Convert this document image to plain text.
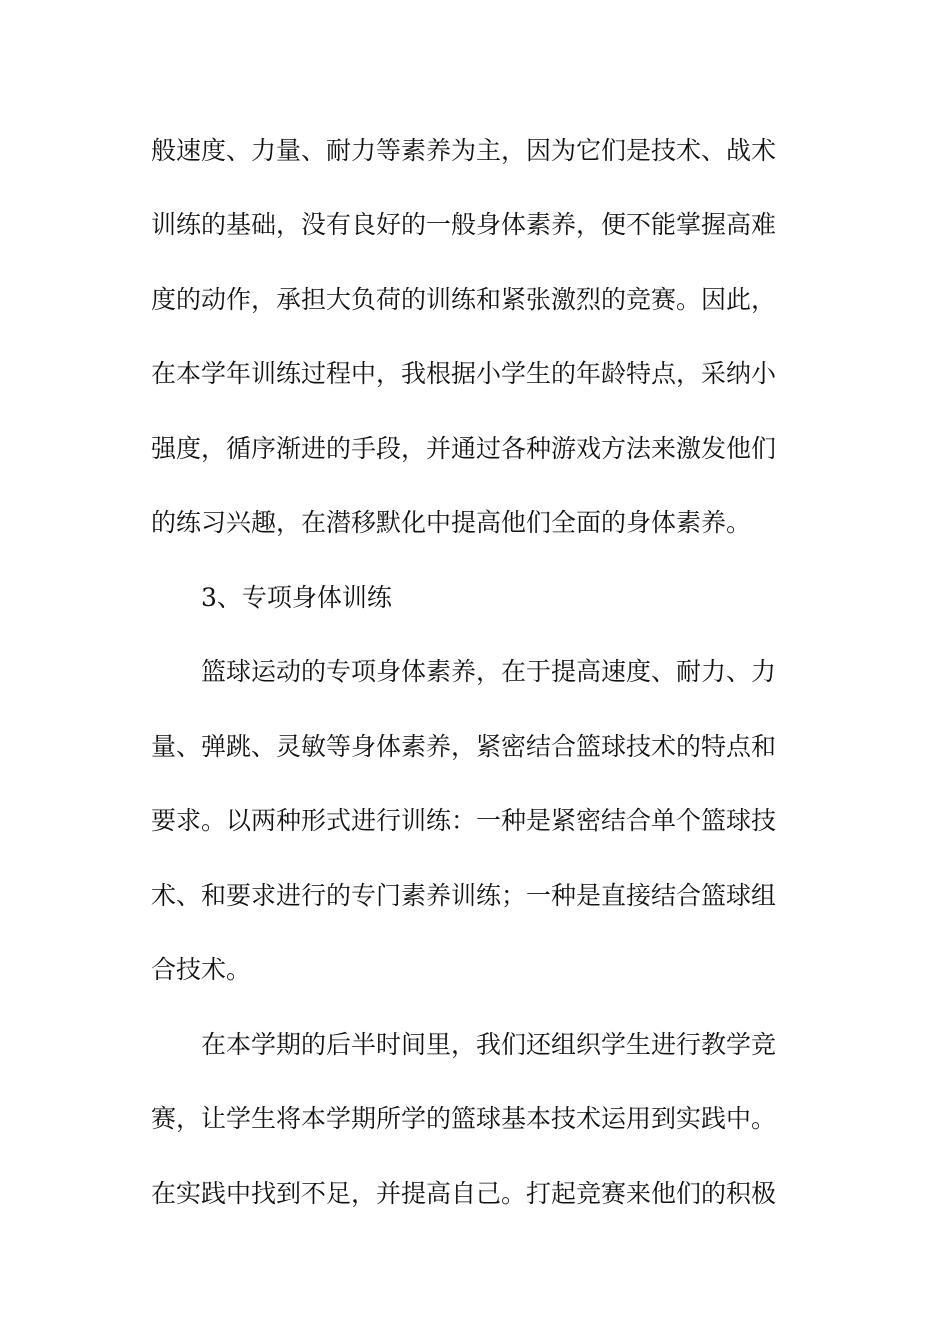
般速度、力量、耐力等素养为主，因为它们是技术、战术
训练的基础，没有良好的一般身体素养，便不能掌握高难
度的动作，承担大负荷的训练和紧张激烈的竞赛。因此，
在本学年训练过程中，我根据小学生的年龄特点，采纳小
强度，循序渐进的手段，并通过各种游戏方法来激发他们
的练习兴趣，在潜移默化中提高他们全面的身体素养。
3、专项身体训练
篮球运动的专项身体素养，在于提高速度、耐力、力
量、弹跳、灵敏等身体素养，紧密结合篮球技术的特点和
要求。以两种形式进行训练：一种是紧密结合单个篮球技
术、和要求进行的专门素养训练；一种是直接结合篮球组
合技术。
在本学期的后半时间里，我们还组织学生进行教学竞
赛，让学生将本学期所学的篮球基本技术运用到实践中。
在实践中找到不足，并提高自己。打起竞赛来他们的积极
